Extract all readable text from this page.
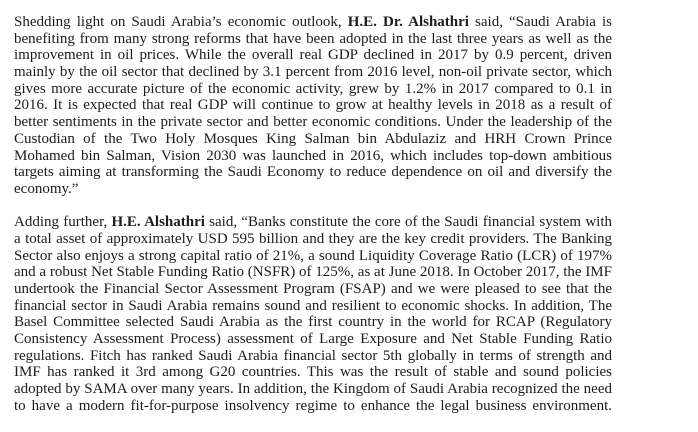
Shedding light on Saudi Arabia’s economic outlook, H.E. Dr. Alshathri said, “Saudi Arabia is
benefiting from many strong reforms that have been adopted in the last three years as well as the
improvement in oil prices. While the overall real GDP declined in 2017 by 0.9 percent, driven
mainly by the oil sector that declined by 3.1 percent from 2016 level, non-oil private sector, which
gives more accurate picture of the economic activity, grew by 1.2% in 2017 compared to 0.1 in
2016. It is expected that real GDP will continue to grow at healthy levels in 2018 as a result of
better sentiments in the private sector and better economic conditions. Under the leadership of the
Custodian of the Two Holy Mosques King Salman bin Abdulaziz and HRH Crown Prince
Mohamed bin Salman, Vision 2030 was launched in 2016, which includes top-down ambitious
targets aiming at transforming the Saudi Economy to reduce dependence on oil and diversify the
economy.”
Adding further, H.E. Alshathri said, “Banks constitute the core of the Saudi financial system with
a total asset of approximately USD 595 billion and they are the key credit providers. The Banking
Sector also enjoys a strong capital ratio of 21%, a sound Liquidity Coverage Ratio (LCR) of 197%
and a robust Net Stable Funding Ratio (NSFR) of 125%, as at June 2018. In October 2017, the IMF
undertook the Financial Sector Assessment Program (FSAP) and we were pleased to see that the
financial sector in Saudi Arabia remains sound and resilient to economic shocks. In addition, The
Basel Committee selected Saudi Arabia as the first country in the world for RCAP (Regulatory
Consistency Assessment Process) assessment of Large Exposure and Net Stable Funding Ratio
regulations. Fitch has ranked Saudi Arabia financial sector 5th globally in terms of strength and
IMF has ranked it 3rd among G20 countries. This was the result of stable and sound policies
adopted by SAMA over many years. In addition, the Kingdom of Saudi Arabia recognized the need
to have a modern fit-for-purpose insolvency regime to enhance the legal business environment.
